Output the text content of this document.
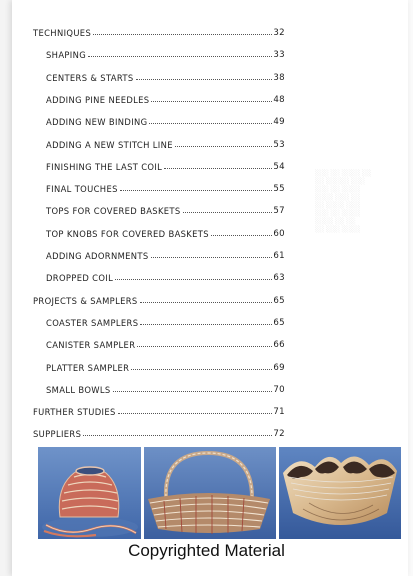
░░░ ░░ ░░░░ ░░
░░ ░░░░░ ░░░
░░░ ░░ ░░░░
░░░░ ░░░ ░░
░░ ░░░░ ░░░
░░░ ░░ ░░░░
░░░░ ░░ ░░
░░ ░░░ ░░░░
TECHNIQUES	32
SHAPING	33
CENTERS & STARTS	38
ADDING PINE NEEDLES	48
ADDING NEW BINDING	49
ADDING A NEW STITCH LINE	53
FINISHING THE LAST COIL	54
FINAL TOUCHES	55
TOPS FOR COVERED BASKETS	57
TOP KNOBS FOR COVERED BASKETS	60
ADDING ADORNMENTS	61
DROPPED COIL	63
PROJECTS & SAMPLERS	65
COASTER SAMPLERS	65
CANISTER SAMPLER	66
PLATTER SAMPLER	69
SMALL BOWLS	70
FURTHER STUDIES	71
SUPPLIERS	72
Copyrighted Material
